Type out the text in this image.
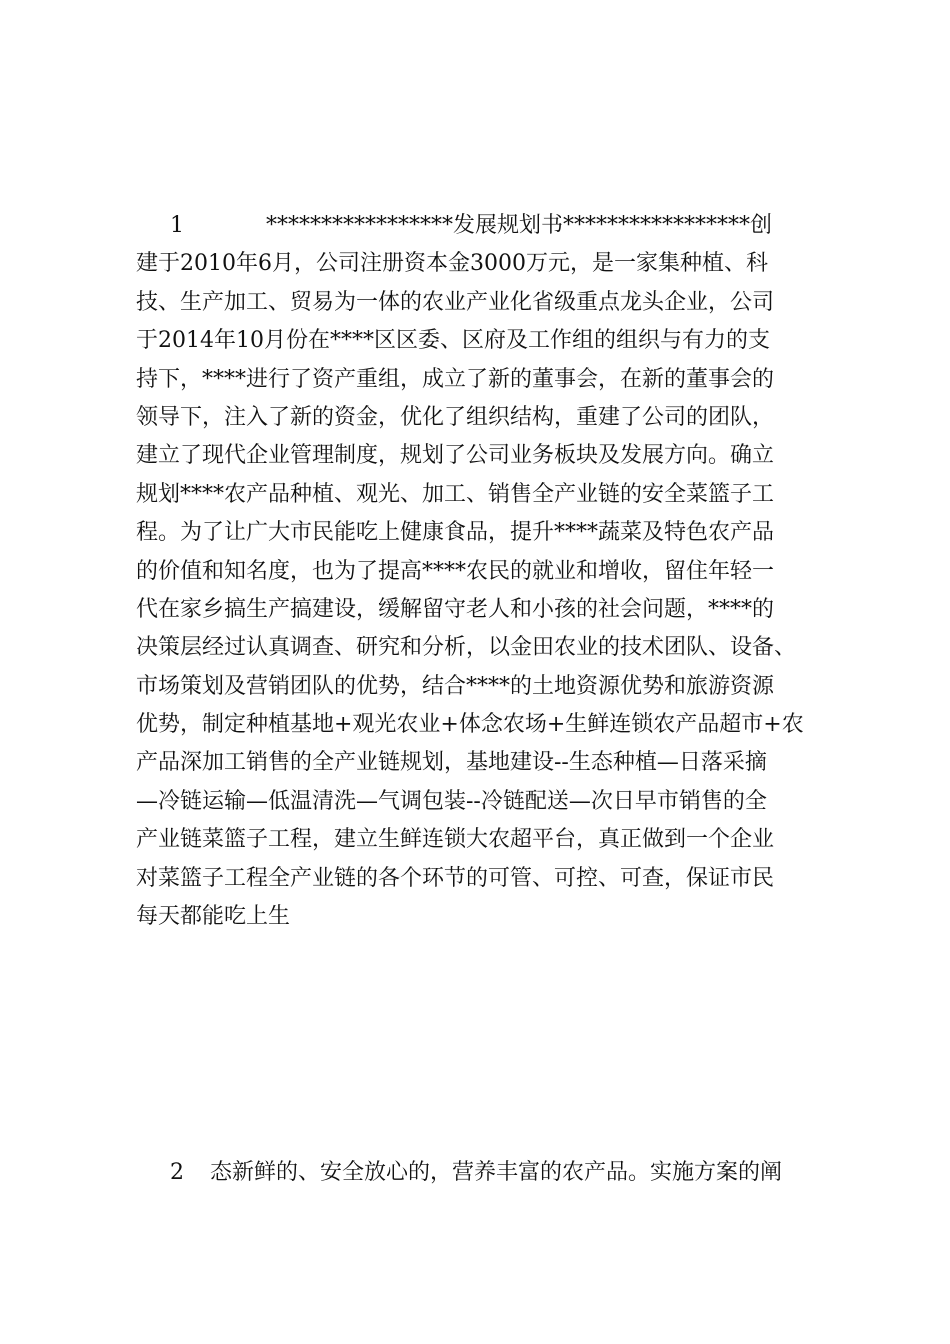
1	*****************发展规划书*****************创
建于2010年6月，公司注册资本金3000万元，是一家集种植、科
技、生产加工、贸易为一体的农业产业化省级重点龙头企业，公司
于2014年10月份在****区区委、区府及工作组的组织与有力的支
持下，****进行了资产重组，成立了新的董事会，在新的董事会的
领导下，注入了新的资金，优化了组织结构，重建了公司的团队，
建立了现代企业管理制度，规划了公司业务板块及发展方向。确立
规划****农产品种植、观光、加工、销售全产业链的安全菜篮子工
程。为了让广大市民能吃上健康食品，提升****蔬菜及特色农产品
的价值和知名度，也为了提高****农民的就业和增收，留住年轻一
代在家乡搞生产搞建设，缓解留守老人和小孩的社会问题，****的
决策层经过认真调查、研究和分析，以金田农业的技术团队、设备、
市场策划及营销团队的优势，结合****的土地资源优势和旅游资源
优势，制定种植基地+观光农业+体念农场+生鲜连锁农产品超市+农
产品深加工销售的全产业链规划，基地建设--生态种植—日落采摘
—冷链运输—低温清洗—气调包装--冷链配送—次日早市销售的全
产业链菜篮子工程，建立生鲜连锁大农超平台，真正做到一个企业
对菜篮子工程全产业链的各个环节的可管、可控、可查，保证市民
每天都能吃上生
2 态新鲜的、安全放心的，营养丰富的农产品。实施方案的阐
